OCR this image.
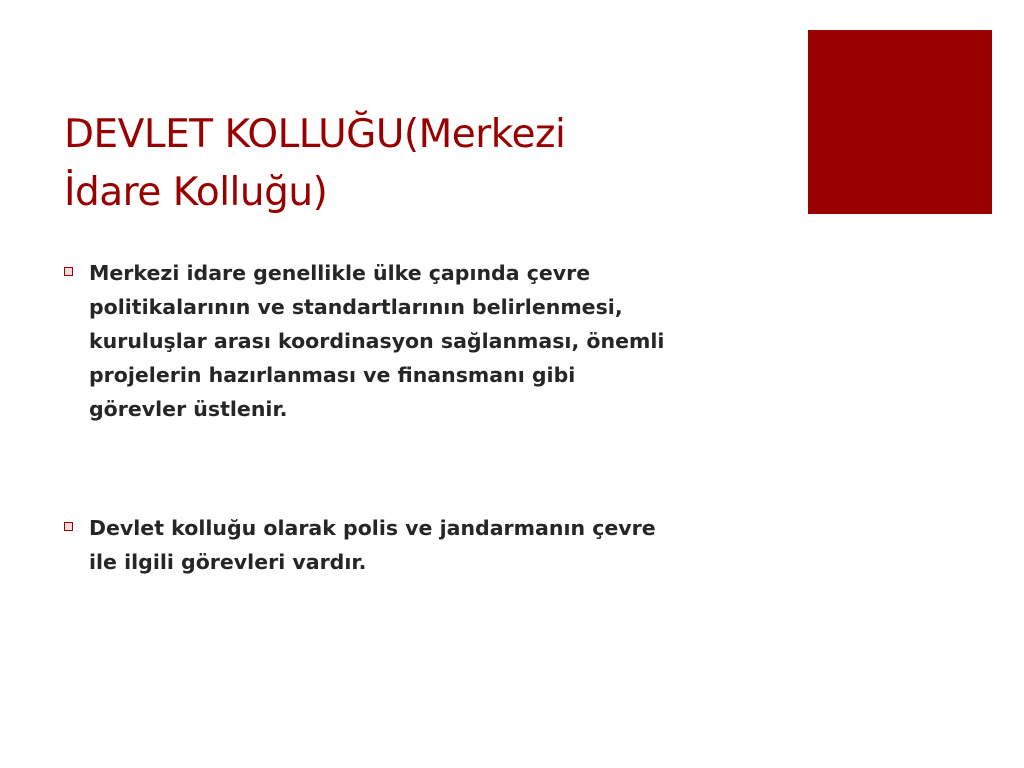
DEVLET KOLLUĞU(Merkezi
İdare Kolluğu)
Merkezi idare genellikle ülke çapında çevre
politikalarının ve standartlarının belirlenmesi,
kuruluşlar arası koordinasyon sağlanması, önemli
projelerin hazırlanması ve finansmanı gibi
görevler üstlenir.
Devlet kolluğu olarak polis ve jandarmanın çevre
ile ilgili görevleri vardır.
